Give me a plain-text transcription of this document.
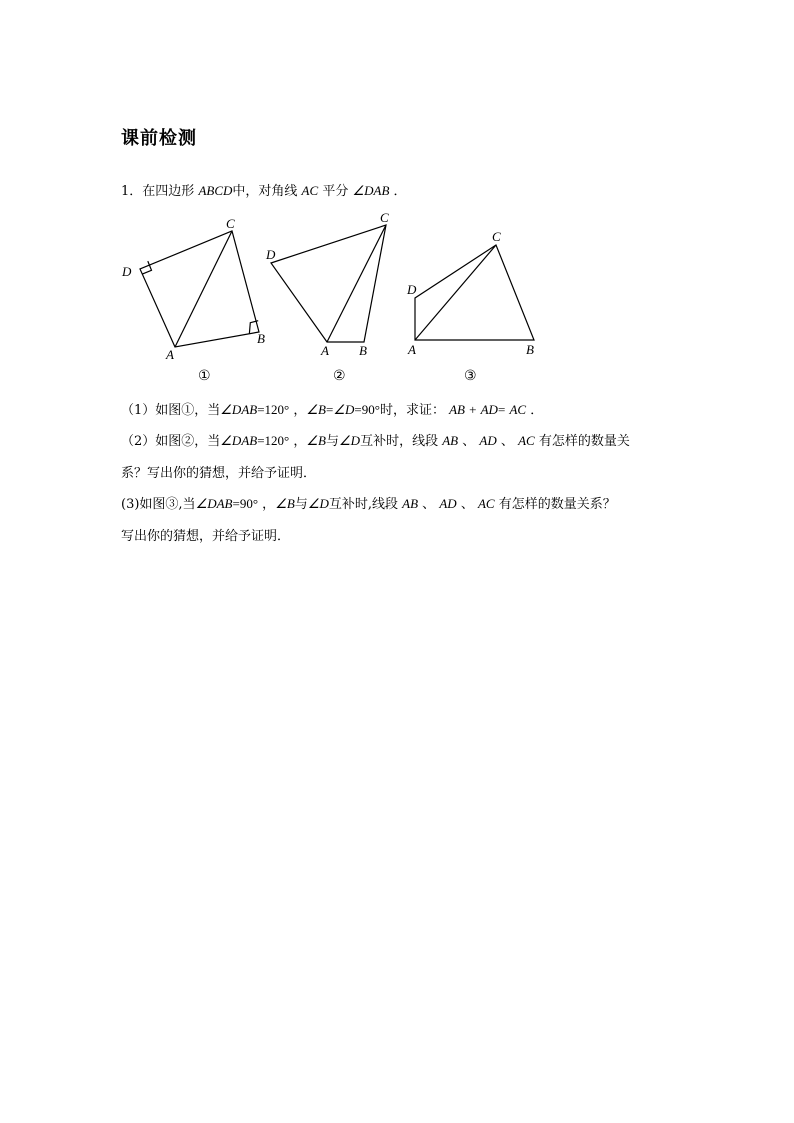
课前检测
1．在四边形 ABCD中，对角线 AC 平分 ∠DAB ．
A
B
C
D
①
A B
C
D
②
A	B
C
D
③
（1）如图①，当∠DAB=120° ，∠B=∠D=90°时，求证： AB + AD= AC ．
（2）如图②，当∠DAB=120° ，∠B与∠D互补时，线段 AB 、 AD 、 AC 有怎样的数量关
系？写出你的猜想，并给予证明．
(3)如图③,当∠DAB=90° ，∠B与∠D互补时,线段 AB 、 AD 、 AC 有怎样的数量关系？
写出你的猜想，并给予证明．
